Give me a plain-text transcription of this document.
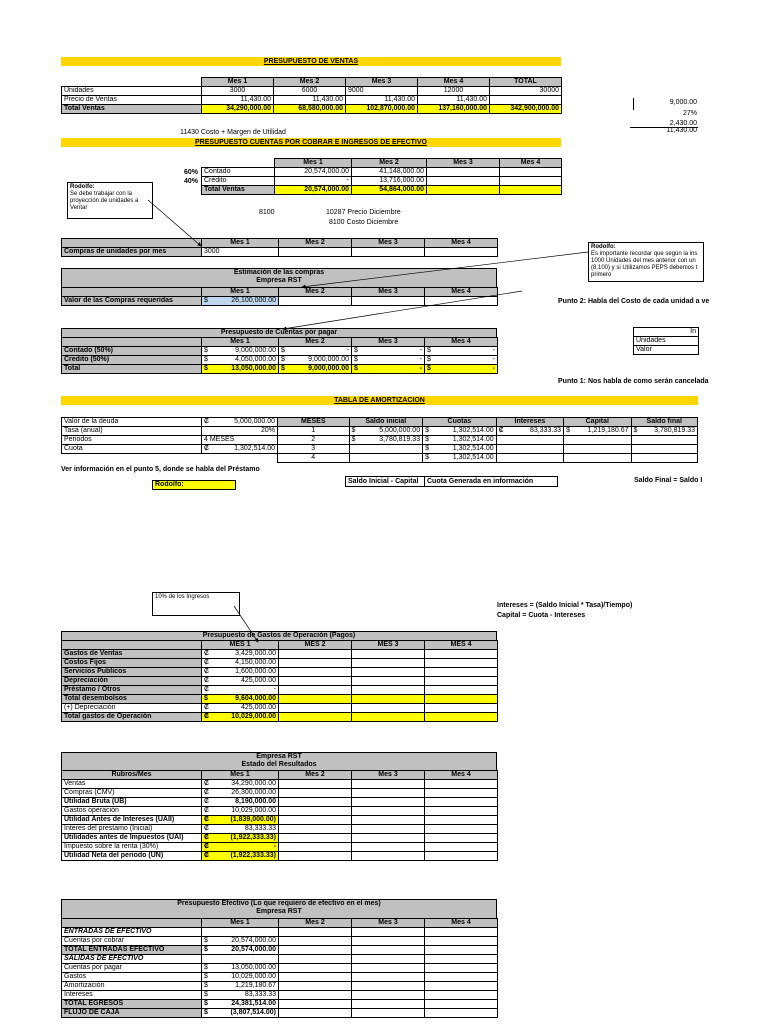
PRESUPUESTO DE VENTAS
	Mes 1	Mes 2	Mes 3	Mes 4	TOTAL
Unidades	3000	6000	9000	12000	30000
Precio de Ventas	11,430.00	11,430.00	11,430.00	11,430.00	
Total Ventas	34,290,000.00	68,580,000.00	102,870,000.00	137,160,000.00	342,900,000.00
9,000.00
27%
2,430.00
11,430.00
11430 Costo + Margen de Utilidad
PRESUPUESTO CUENTAS POR COBRAR E INGRESOS DE EFECTIVO
	Mes 1	Mes 2	Mes 3	Mes 4
Contado	20,574,000.00	41,148,000.00		
Crédito	-	13,716,000.00		
Total Ventas	20,574,000.00	54,864,000.00		
60%
40%
Rodolfo:
Se debe trabajar con la proyección de unidades a Ventar
8100	10287 Precio Diciembre
8100 Costo Diciembre
	Mes 1	Mes 2	Mes 3	Mes 4
Compras de unidades por mes	3000			
Rodolfo:
Es importante recordar que según la ins 1000 Unidades del mes anterior con un (8.100) y si Utilizamos PEPS debemos t primero
Estimación de las compras
Empresa RST
	Mes 1		Mes 2	Mes 3	Mes 4
Valor de las Compras requeridas	$	26,100,000.00				Punto 2: Habla del Costo de cada unidad a ve
Presupuesto de Cuentas por pagar
	Mes 1		Mes 2		Mes 3		Mes 4	
Contado (50%)	$	9,000,000.00	$	-	$	-	$	-
Credito (50%)	$	4,050,000.00	$	9,000,000.00	$	-	$	-
Total	$	13,050,000.00	$	9,000,000.00	$	-	$	-
In
Unidades
Valor
Punto 1: Nos habla de como serán cancelada
TABLA DE AMORTIZACION
Valor de la deuda	₡	5,000,000.00
Tasa (anual)		20%
Periodos	4 MESES	
Cuota	₡	1,302,514.00
MESES	Saldo inicial		Cuotas		Intereses		Capital		Saldo final	
1	$	5,000,000.00	$	1,302,514.00	₡	83,333.33	$	1,219,180.67	$	3,780,819.33
2	$	3,780,819.33	$	1,302,514.00						
3			$	1,302,514.00						
4			$	1,302,514.00						
Ver información en el punto 5, donde se habla del Préstamo
Rodolfo:	Saldo Inicial - Capital	Cuota Generada en información	Saldo Final = Saldo I
10% de los Ingresos
Intereses = (Saldo Inicial * Tasa)/Tiempo)
Capital = Cuota - Intereses
Presupuesto de Gastos de Operación (Pagos)
	MES 1		MES 2	MES 3	MES 4
Gastos de Ventas	₡	3,429,000.00			
Costos Fijos	₡	4,150,000.00			
Servicios Publicos	₡	1,600,000.00			
Depreciación	₡	425,000.00			
Préstamo / Otros	₡	-			
Total desembolsos	$	9,604,000.00			
(+) Depreciación	₡	425,000.00			
Total gastos de Operación	₡	10,029,000.00			
Empresa RST
Estado del Resultados
Rubros/Mes	Mes 1		Mes 2	Mes 3	Mes 4
Ventas	₡	34,290,000.00			
Compras (CMV)	₡	26,300,000.00			
Utilidad Bruta (UB)	₡	8,190,000.00			
Gastos operación	₡	10,029,000.00			
Utilidad Antes de Intereses (UAII)	₡	(1,839,000.00)			
Interes del prestamo (Inicial)	₡	83,333.33			
Utilidades antes de Impuestos (UAI)	₡	(1,922,333.33)			
Impuesto sobre la renta (30%)	₡	-			
Utilidad Neta del periodo (UN)	₡	(1,922,333.33)			
Presupuesto Efectivo (Lo que requiero de efectivo en el mes)
Empresa RST
	Mes 1		Mes 2	Mes 3	Mes 4
ENTRADAS DE EFECTIVO					
Cuentas por cobrar	$	20,574,000.00			
TOTAL ENTRADAS EFECTIVO	$	20,574,000.00			
SALIDAS DE EFECTIVO					
Cuentas por pagar	$	13,050,000.00			
Gastos	$	10,029,000.00			
Amortización	$	1,219,180.67			
Intereses	$	83,333.33			
TOTAL EGRESOS	$	24,381,514.00			
FLUJO DE CAJA	$	(3,807,514.00)			
